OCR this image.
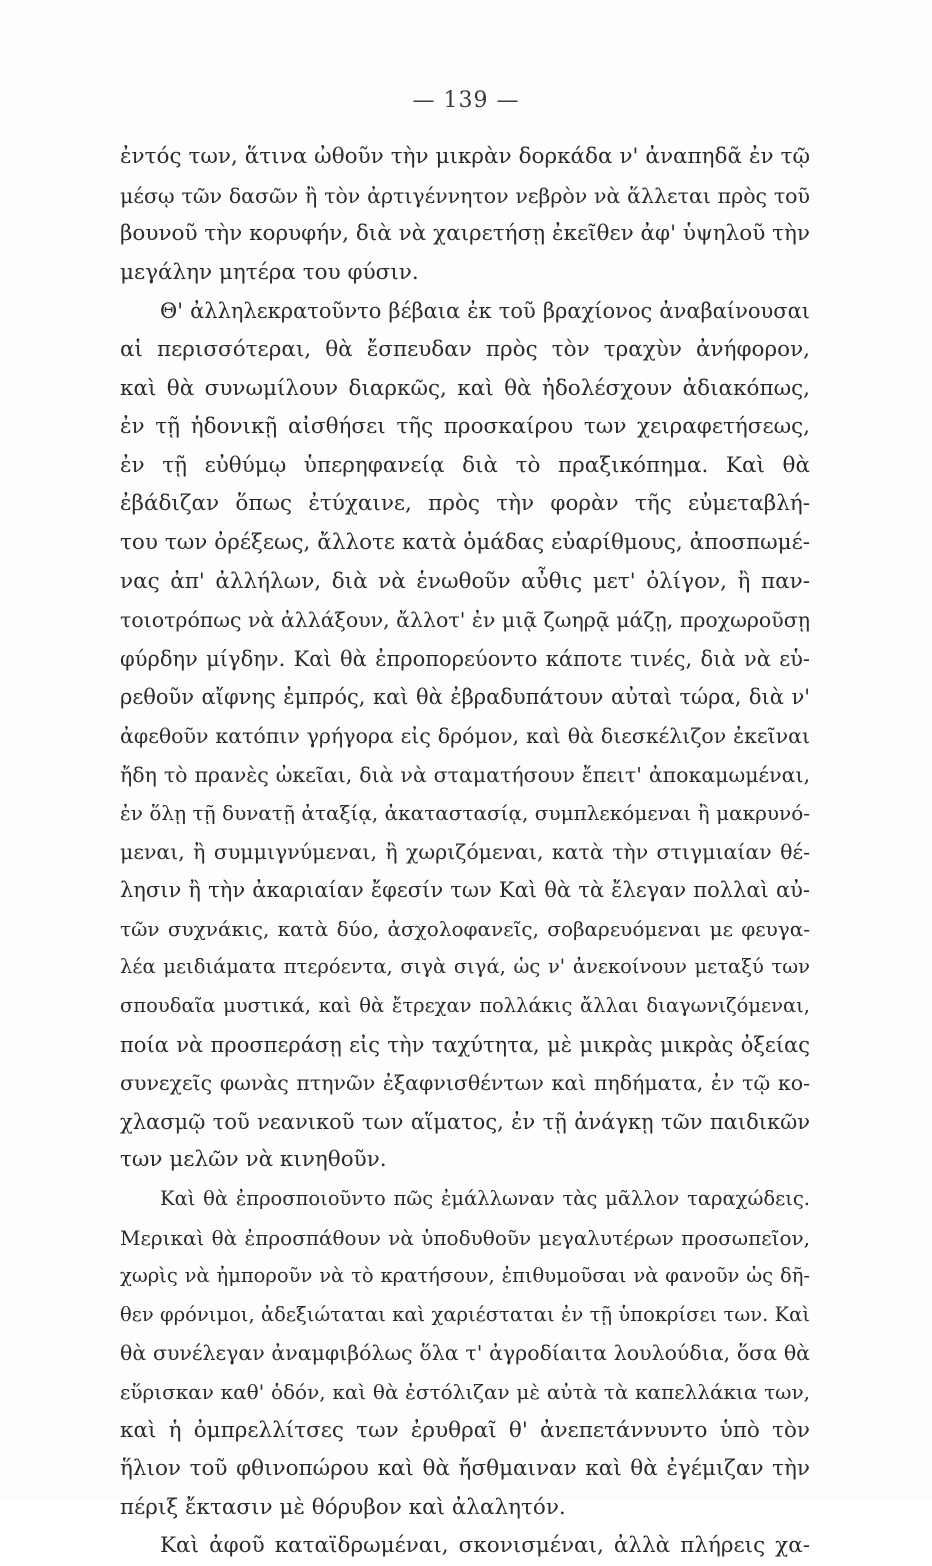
— 139 —
ἐντός των, ἅτινα ὠθοῦν τὴν μικρὰν δορκάδα ν' ἀναπηδᾶ ἐν τῷ
μέσῳ τῶν δασῶν ἢ τὸν ἀρτιγέννητον νεβρὸν νὰ ἅλλεται πρὸς τοῦ
βουνοῦ τὴν κορυφήν, διὰ νὰ χαιρετήσῃ ἐκεῖθεν ἀφ' ὑψηλοῦ τὴν
μεγάλην μητέρα του φύσιν.
Θ' ἀλληλεκρατοῦντο βέβαια ἐκ τοῦ βραχίονος ἀναβαίνουσαι
αἱ περισσότεραι, θὰ ἔσπευδαν πρὸς τὸν τραχὺν ἀνήφορον,
καὶ θὰ συνωμίλουν διαρκῶς, καὶ θὰ ἠδολέσχουν ἀδιακόπως,
ἐν τῇ ἡδονικῇ αἰσθήσει τῆς προσκαίρου των χειραφετήσεως,
ἐν τῇ εὐθύμῳ ὑπερηφανείᾳ διὰ τὸ πραξικόπημα. Καὶ θὰ
ἐβάδιζαν ὅπως ἐτύχαινε, πρὸς τὴν φορὰν τῆς εὐμεταβλή-
του των ὀρέξεως, ἄλλοτε κατὰ ὁμάδας εὐαρίθμους, ἀποσπωμέ-
νας ἀπ' ἀλλήλων, διὰ νὰ ἑνωθοῦν αὖθις μετ' ὀλίγον, ἢ παν-
τοιοτρόπως νὰ ἀλλάξουν, ἄλλοτ' ἐν μιᾷ ζωηρᾷ μάζῃ, προχωροῦσῃ
φύρδην μίγδην. Καὶ θὰ ἐπροπορεύοντο κάποτε τινές, διὰ νὰ εὑ-
ρεθοῦν αἴφνης ἐμπρός, καὶ θὰ ἐβραδυπάτουν αὐταὶ τώρα, διὰ ν'
ἀφεθοῦν κατόπιν γρήγορα εἰς δρόμον, καὶ θὰ διεσκέλιζον ἐκεῖναι
ἤδη τὸ πρανὲς ὠκεῖαι, διὰ νὰ σταματήσουν ἔπειτ' ἀποκαμωμέναι,
ἐν ὅλῃ τῇ δυνατῇ ἀταξίᾳ, ἀκαταστασίᾳ, συμπλεκόμεναι ἢ μακρυνό-
μεναι, ἢ συμμιγνύμεναι, ἢ χωριζόμεναι, κατὰ τὴν στιγμιαίαν θέ-
λησιν ἢ τὴν ἀκαριαίαν ἔφεσίν των Καὶ θὰ τὰ ἔλεγαν πολλαὶ αὐ-
τῶν συχνάκις, κατὰ δύο, ἀσχολοφανεῖς, σοβαρευόμεναι με φευγα-
λέα μειδιάματα πτερόεντα, σιγὰ σιγά, ὡς ν' ἀνεκοίνουν μεταξύ των
σπουδαῖα μυστικά, καὶ θὰ ἔτρεχαν πολλάκις ἄλλαι διαγωνιζόμεναι,
ποία νὰ προσπεράσῃ εἰς τὴν ταχύτητα, μὲ μικρὰς μικρὰς ὀξείας
συνεχεῖς φωνὰς πτηνῶν ἐξαφνισθέντων καὶ πηδήματα, ἐν τῷ κο-
χλασμῷ τοῦ νεανικοῦ των αἵματος, ἐν τῇ ἀνάγκῃ τῶν παιδικῶν
των μελῶν νὰ κινηθοῦν.
Καὶ θὰ ἐπροσποιοῦντο πῶς ἐμάλλωναν τὰς μᾶλλον ταραχώδεις.
Μερικαὶ θὰ ἐπροσπάθουν νὰ ὑποδυθοῦν μεγαλυτέρων προσωπεῖον,
χωρὶς νὰ ἠμποροῦν νὰ τὸ κρατήσουν, ἐπιθυμοῦσαι νὰ φανοῦν ὡς δῆ-
θεν φρόνιμοι, ἀδεξιώταται καὶ χαριέσταται ἐν τῇ ὑποκρίσει των. Καὶ
θὰ συνέλεγαν ἀναμφιβόλως ὅλα τ' ἀγροδίαιτα λουλούδια, ὅσα θὰ
εὕρισκαν καθ' ὁδόν, καὶ θὰ ἐστόλιζαν μὲ αὐτὰ τὰ καπελλάκια των,
καὶ ἡ ὀμπρελλίτσες των ἐρυθραῖ θ' ἀνεπετάννυντο ὑπὸ τὸν
ἥλιον τοῦ φθινοπώρου καὶ θὰ ἤσθμαιναν καὶ θὰ ἐγέμιζαν τὴν
πέριξ ἔκτασιν μὲ θόρυβον καὶ ἀλαλητόν.
Καὶ ἀφοῦ καταϊδρωμέναι, σκονισμέναι, ἀλλὰ πλήρεις χα-
